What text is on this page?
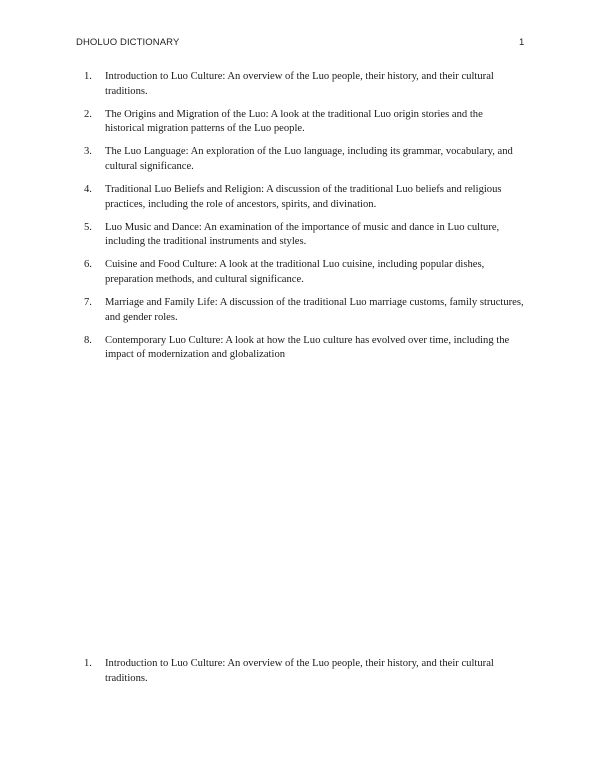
DHOLUO DICTIONARY	1
1. Introduction to Luo Culture: An overview of the Luo people, their history, and their cultural traditions.
2. The Origins and Migration of the Luo: A look at the traditional Luo origin stories and the historical migration patterns of the Luo people.
3. The Luo Language: An exploration of the Luo language, including its grammar, vocabulary, and cultural significance.
4. Traditional Luo Beliefs and Religion: A discussion of the traditional Luo beliefs and religious practices, including the role of ancestors, spirits, and divination.
5. Luo Music and Dance: An examination of the importance of music and dance in Luo culture, including the traditional instruments and styles.
6. Cuisine and Food Culture: A look at the traditional Luo cuisine, including popular dishes, preparation methods, and cultural significance.
7. Marriage and Family Life: A discussion of the traditional Luo marriage customs, family structures, and gender roles.
8. Contemporary Luo Culture: A look at how the Luo culture has evolved over time, including the impact of modernization and globalization
1. Introduction to Luo Culture: An overview of the Luo people, their history, and their cultural traditions.
